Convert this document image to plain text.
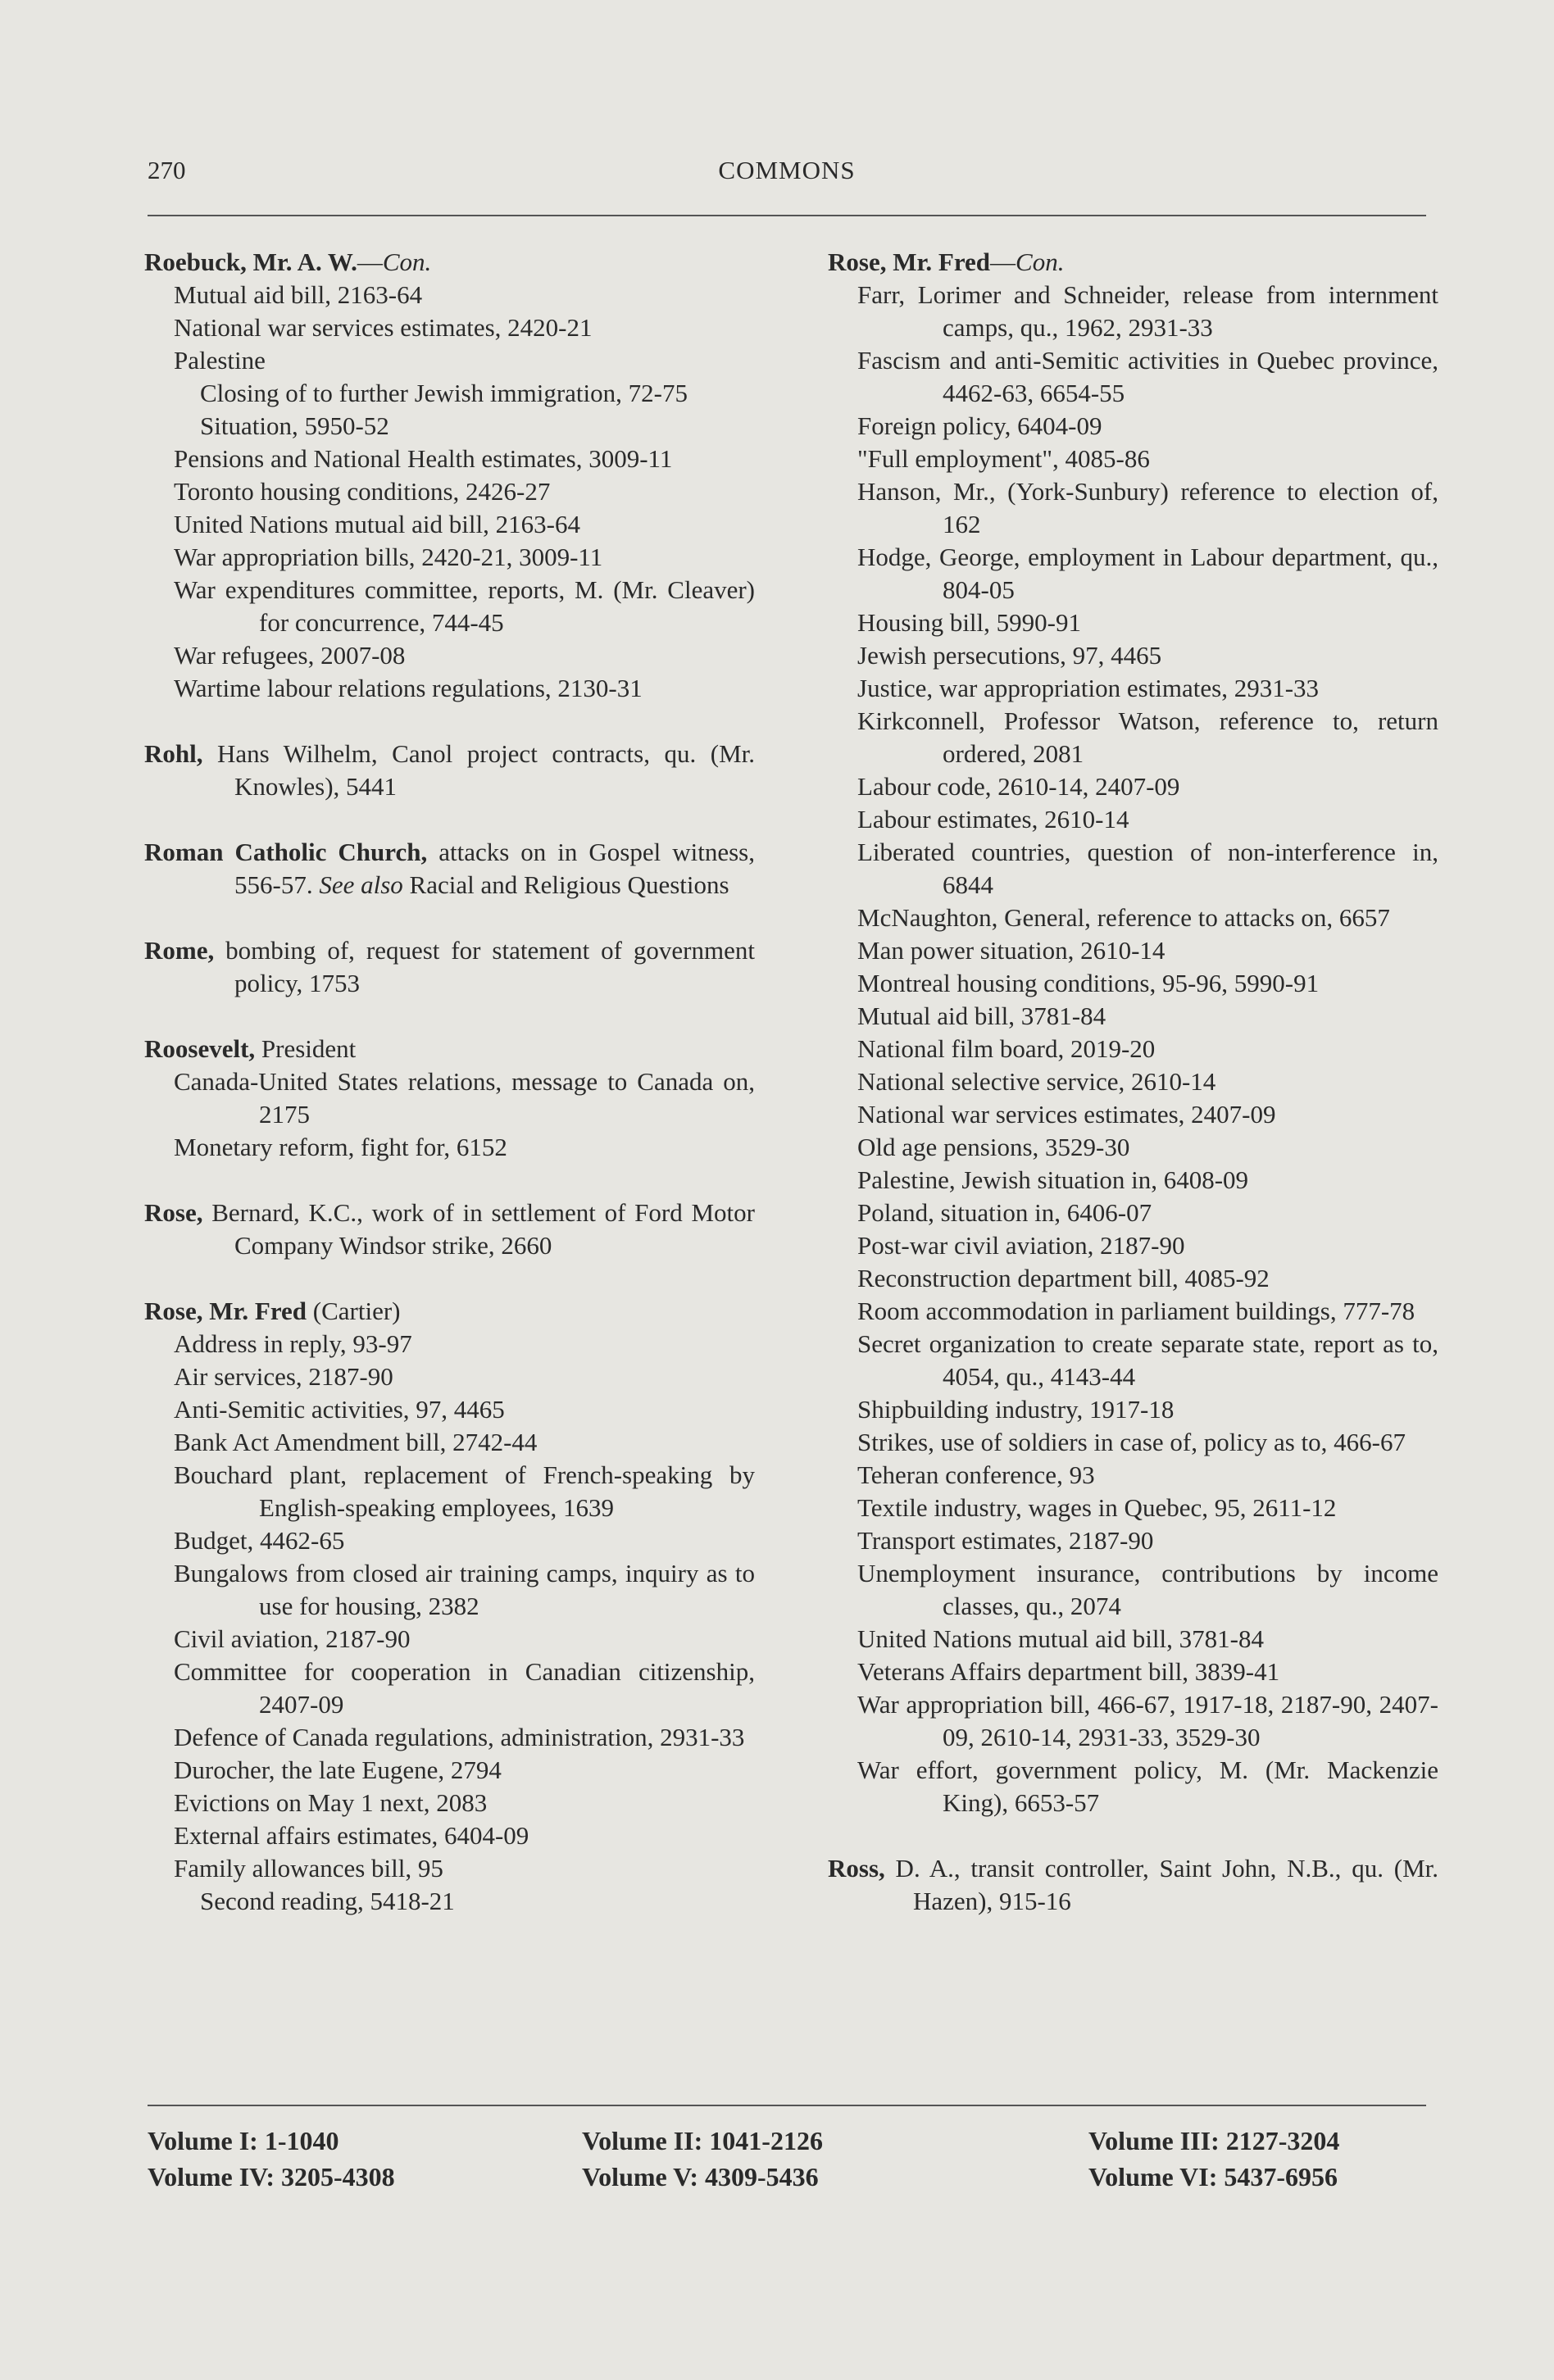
270	COMMONS
Roebuck, Mr. A. W.—Con.
Mutual aid bill, 2163-64
National war services estimates, 2420-21
Palestine
Closing of to further Jewish immigration, 72-75
Situation, 5950-52
Pensions and National Health estimates, 3009-11
Toronto housing conditions, 2426-27
United Nations mutual aid bill, 2163-64
War appropriation bills, 2420-21, 3009-11
War expenditures committee, reports, M. (Mr. Cleaver) for concurrence, 744-45
War refugees, 2007-08
Wartime labour relations regulations, 2130-31
Rohl, Hans Wilhelm, Canol project contracts, qu. (Mr. Knowles), 5441
Roman Catholic Church, attacks on in Gospel witness, 556-57. See also Racial and Religious Questions
Rome, bombing of, request for statement of government policy, 1753
Roosevelt, President
Canada-United States relations, message to Canada on, 2175
Monetary reform, fight for, 6152
Rose, Bernard, K.C., work of in settlement of Ford Motor Company Windsor strike, 2660
Rose, Mr. Fred (Cartier)
Address in reply, 93-97
Air services, 2187-90
Anti-Semitic activities, 97, 4465
Bank Act Amendment bill, 2742-44
Bouchard plant, replacement of French-speaking by English-speaking employees, 1639
Budget, 4462-65
Bungalows from closed air training camps, inquiry as to use for housing, 2382
Civil aviation, 2187-90
Committee for cooperation in Canadian citizenship, 2407-09
Defence of Canada regulations, administration, 2931-33
Durocher, the late Eugene, 2794
Evictions on May 1 next, 2083
External affairs estimates, 6404-09
Family allowances bill, 95
Second reading, 5418-21
Rose, Mr. Fred—Con.
Farr, Lorimer and Schneider, release from internment camps, qu., 1962, 2931-33
Fascism and anti-Semitic activities in Quebec province, 4462-63, 6654-55
Foreign policy, 6404-09
"Full employment", 4085-86
Hanson, Mr., (York-Sunbury) reference to election of, 162
Hodge, George, employment in Labour department, qu., 804-05
Housing bill, 5990-91
Jewish persecutions, 97, 4465
Justice, war appropriation estimates, 2931-33
Kirkconnell, Professor Watson, reference to, return ordered, 2081
Labour code, 2610-14, 2407-09
Labour estimates, 2610-14
Liberated countries, question of non-interference in, 6844
McNaughton, General, reference to attacks on, 6657
Man power situation, 2610-14
Montreal housing conditions, 95-96, 5990-91
Mutual aid bill, 3781-84
National film board, 2019-20
National selective service, 2610-14
National war services estimates, 2407-09
Old age pensions, 3529-30
Palestine, Jewish situation in, 6408-09
Poland, situation in, 6406-07
Post-war civil aviation, 2187-90
Reconstruction department bill, 4085-92
Room accommodation in parliament buildings, 777-78
Secret organization to create separate state, report as to, 4054, qu., 4143-44
Shipbuilding industry, 1917-18
Strikes, use of soldiers in case of, policy as to, 466-67
Teheran conference, 93
Textile industry, wages in Quebec, 95, 2611-12
Transport estimates, 2187-90
Unemployment insurance, contributions by income classes, qu., 2074
United Nations mutual aid bill, 3781-84
Veterans Affairs department bill, 3839-41
War appropriation bill, 466-67, 1917-18, 2187-90, 2407-09, 2610-14, 2931-33, 3529-30
War effort, government policy, M. (Mr. Mackenzie King), 6653-57
Ross, D. A., transit controller, Saint John, N.B., qu. (Mr. Hazen), 915-16
Volume I: 1-1040
Volume IV: 3205-4308
Volume II: 1041-2126
Volume V: 4309-5436
Volume III: 2127-3204
Volume VI: 5437-6956
